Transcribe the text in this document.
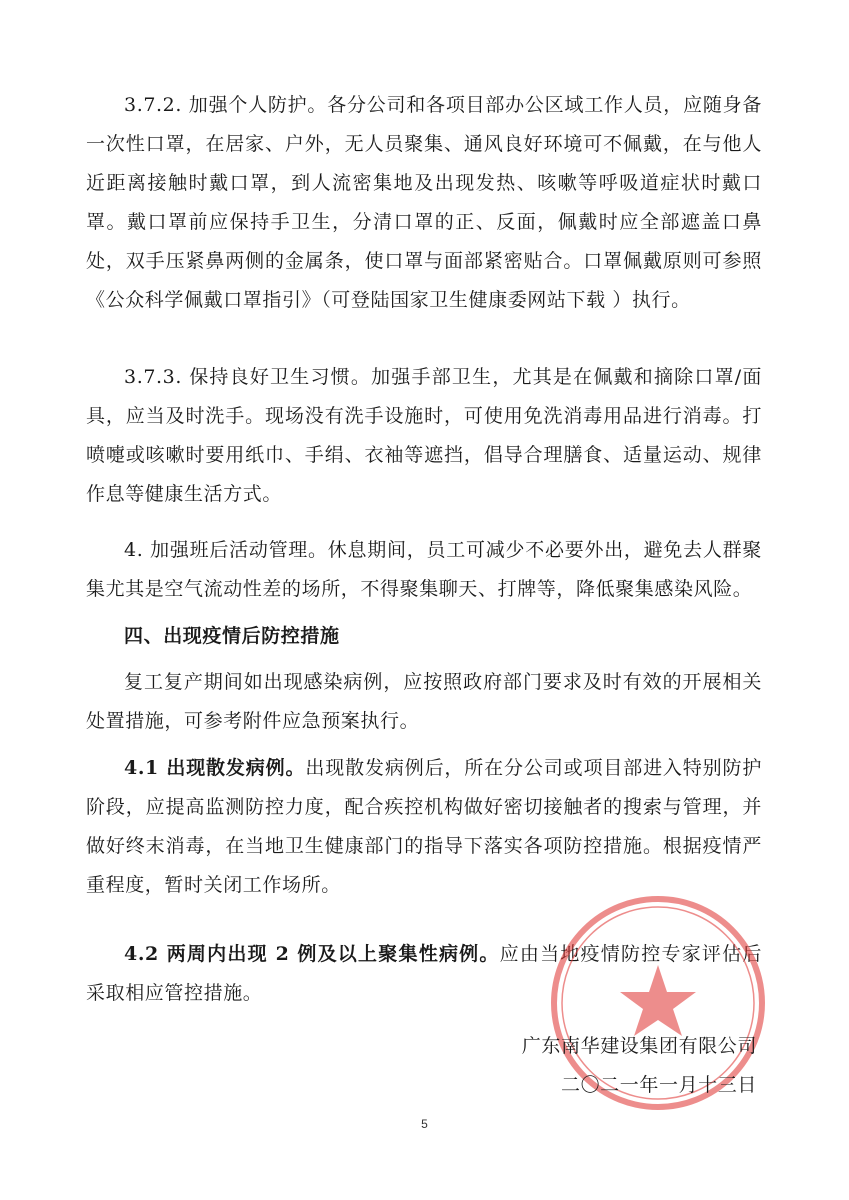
3.7.2. 加强个人防护。各分公司和各项目部办公区域工作人员，应随身备一次性口罩，在居家、户外，无人员聚集、通风良好环境可不佩戴，在与他人近距离接触时戴口罩，到人流密集地及出现发热、咳嗽等呼吸道症状时戴口罩。戴口罩前应保持手卫生，分清口罩的正、反面，佩戴时应全部遮盖口鼻处，双手压紧鼻两侧的金属条，使口罩与面部紧密贴合。口罩佩戴原则可参照 《公众科学佩戴口罩指引》（可登陆国家卫生健康委网站下载 ）执行。

3.7.3. 保持良好卫生习惯。加强手部卫生，尤其是在佩戴和摘除口罩/面具，应当及时洗手。现场没有洗手设施时，可使用免洗消毒用品进行消毒。打喷嚏或咳嗽时要用纸巾、手绢、衣袖等遮挡，倡导合理膳食、适量运动、规律作息等健康生活方式。

4. 加强班后活动管理。休息期间，员工可减少不必要外出，避免去人群聚集尤其是空气流动性差的场所，不得聚集聊天、打牌等，降低聚集感染风险。

四、出现疫情后防控措施

复工复产期间如出现感染病例，应按照政府部门要求及时有效的开展相关处置措施，可参考附件应急预案执行。

4.1 出现散发病例。出现散发病例后，所在分公司或项目部进入特别防护阶段，应提高监测防控力度，配合疾控机构做好密切接触者的搜索与管理，并做好终末消毒，在当地卫生健康部门的指导下落实各项防控措施。根据疫情严重程度，暂时关闭工作场所。

4.2 两周内出现 2 例及以上聚集性病例。应由当地疫情防控专家评估后采取相应管控措施。

广东南华建设集团有限公司

二〇二一年一月十三日

5
